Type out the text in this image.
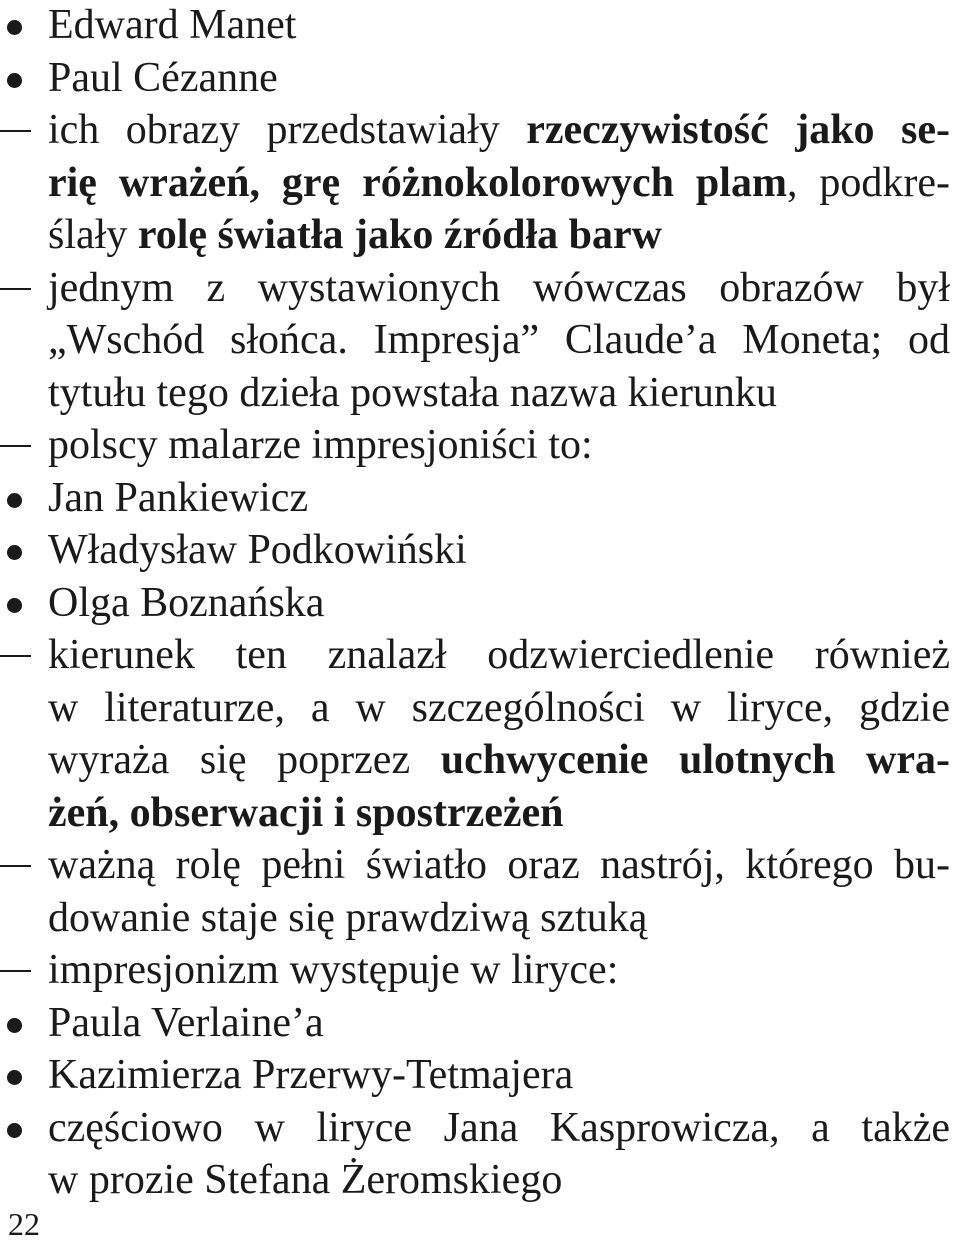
Edward Manet
Paul Cézanne
ich obrazy przedstawiały rzeczywistość jako se-
rię wrażeń, grę różnokolorowych plam, podkre-
ślały rolę światła jako źródła barw
jednym z wystawionych wówczas obrazów był
„Wschód słońca. Impresja” Claude’a Moneta; od
tytułu tego dzieła powstała nazwa kierunku
polscy malarze impresjoniści to:
Jan Pankiewicz
Władysław Podkowiński
Olga Boznańska
kierunek ten znalazł odzwierciedlenie również
w literaturze, a w szczególności w liryce, gdzie
wyraża się poprzez uchwycenie ulotnych wra-
żeń, obserwacji i spostrzeżeń
ważną rolę pełni światło oraz nastrój, którego bu-
dowanie staje się prawdziwą sztuką
impresjonizm występuje w liryce:
Paula Verlaine’a
Kazimierza Przerwy-Tetmajera
częściowo w liryce Jana Kasprowicza, a także
w prozie Stefana Żeromskiego
22
